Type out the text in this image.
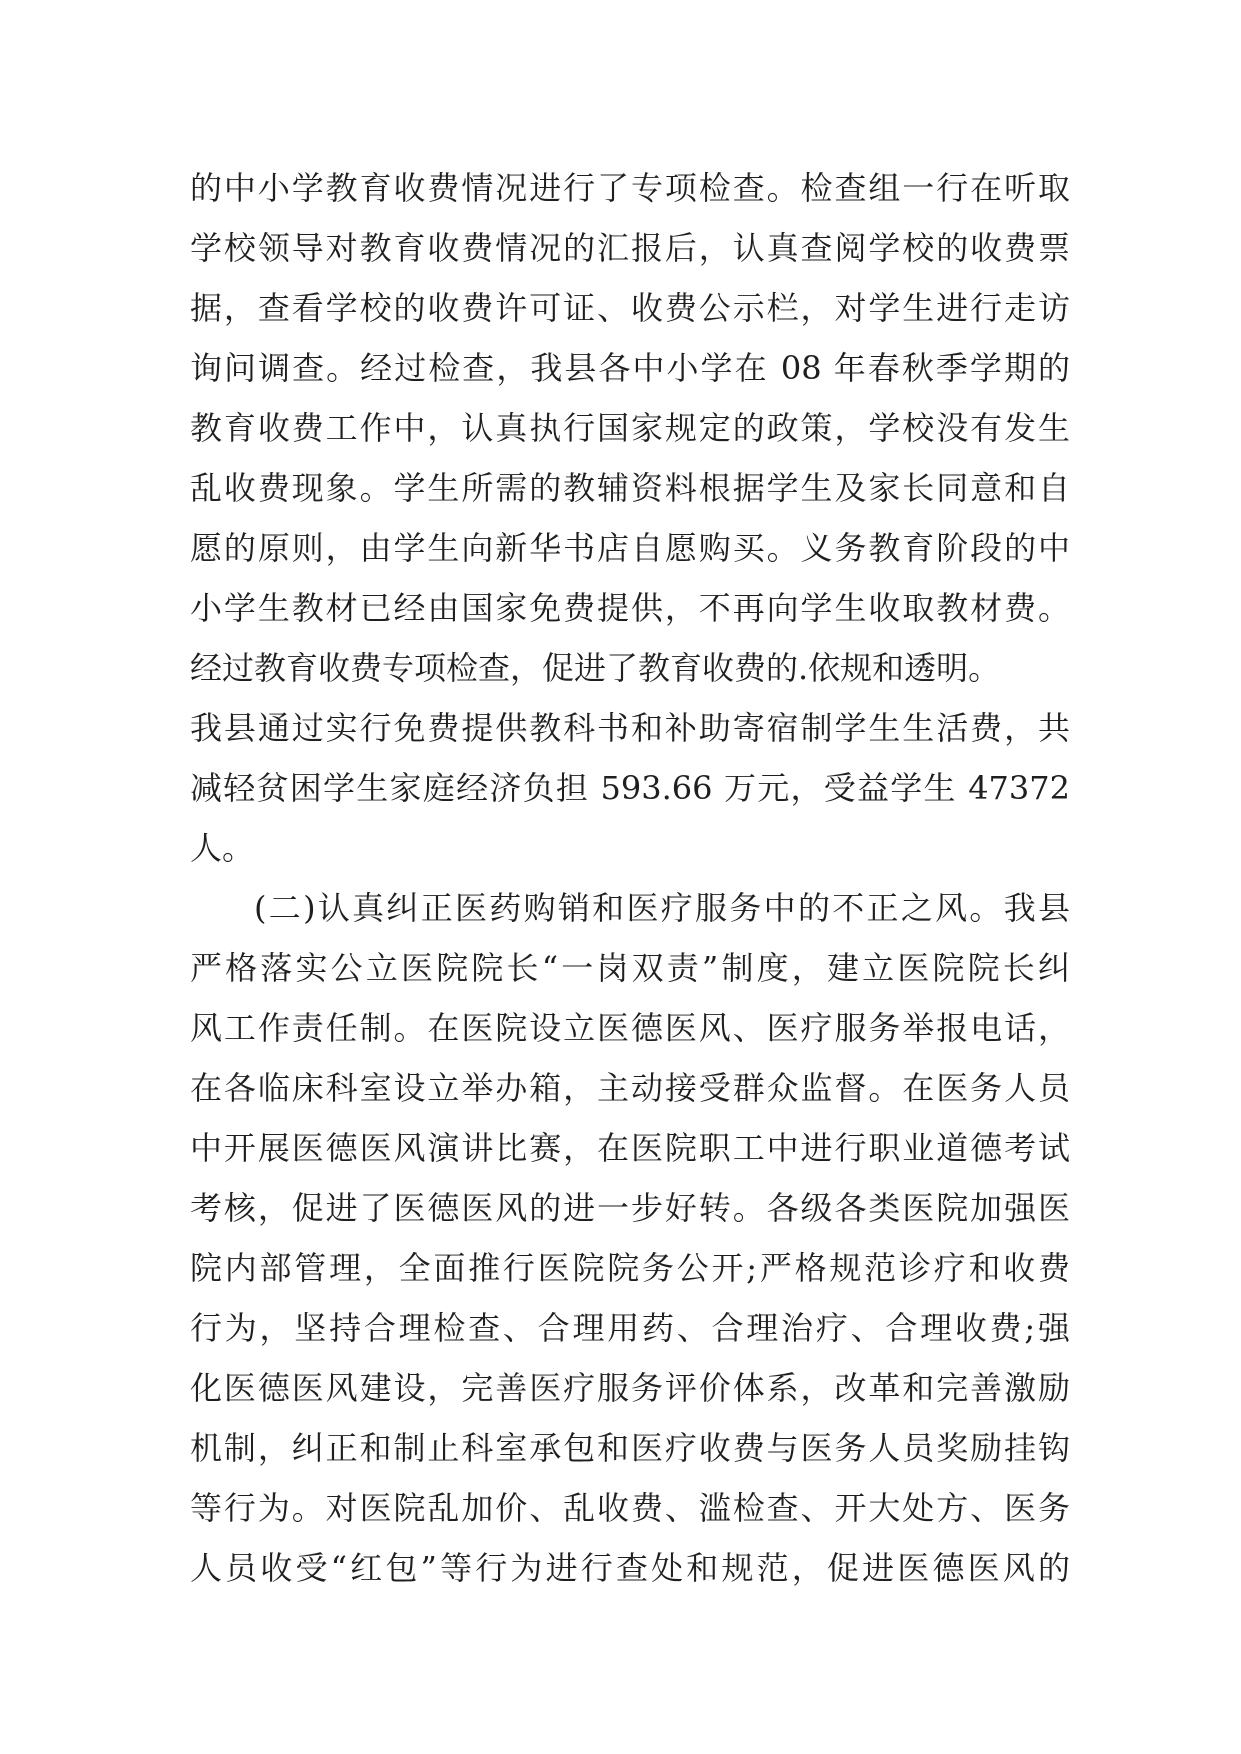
的中小学教育收费情况进行了专项检查。检查组一行在听取
学校领导对教育收费情况的汇报后，认真查阅学校的收费票
据，查看学校的收费许可证、收费公示栏，对学生进行走访
询问调查。经过检查，我县各中小学在 08 年春秋季学期的
教育收费工作中，认真执行国家规定的政策，学校没有发生
乱收费现象。学生所需的教辅资料根据学生及家长同意和自
愿的原则，由学生向新华书店自愿购买。义务教育阶段的中
小学生教材已经由国家免费提供，不再向学生收取教材费。
经过教育收费专项检查，促进了教育收费的.依规和透明。
我县通过实行免费提供教科书和补助寄宿制学生生活费，共
减轻贫困学生家庭经济负担 593.66 万元，受益学生 47372
人。
(二)认真纠正医药购销和医疗服务中的不正之风。我县
严格落实公立医院院长“一岗双责”制度，建立医院院长纠
风工作责任制。在医院设立医德医风、医疗服务举报电话，
在各临床科室设立举办箱，主动接受群众监督。在医务人员
中开展医德医风演讲比赛，在医院职工中进行职业道德考试
考核，促进了医德医风的进一步好转。各级各类医院加强医
院内部管理，全面推行医院院务公开;严格规范诊疗和收费
行为，坚持合理检查、合理用药、合理治疗、合理收费;强
化医德医风建设，完善医疗服务评价体系，改革和完善激励
机制，纠正和制止科室承包和医疗收费与医务人员奖励挂钩
等行为。对医院乱加价、乱收费、滥检查、开大处方、医务
人员收受“红包”等行为进行查处和规范，促进医德医风的
